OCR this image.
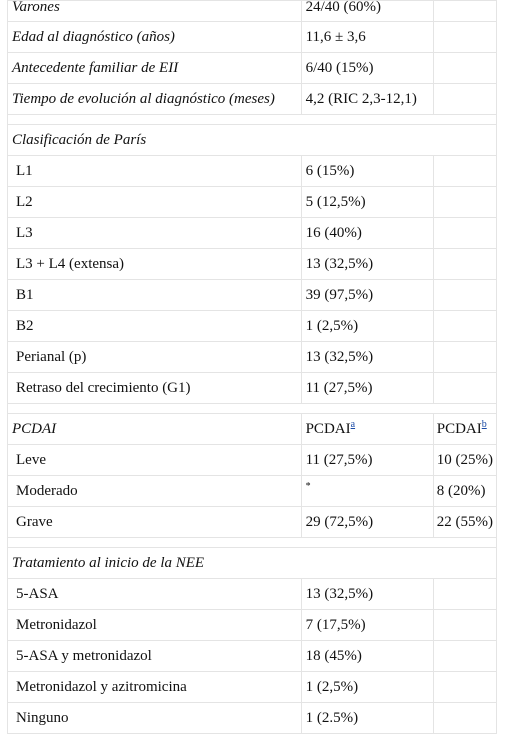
Varones	24/40 (60%)	
Edad al diagnóstico (años)	11,6 ± 3,6	
Antecedente familiar de EII	6/40 (15%)	
Tiempo de evolución al diagnóstico (meses)	4,2 (RIC 2,3-12,1)	

Clasificación de París		
L1	6 (15%)	
L2	5 (12,5%)	
L3	16 (40%)	
L3 + L4 (extensa)	13 (32,5%)	
B1	39 (97,5%)	
B2	1 (2,5%)	
Perianal (p)	13 (32,5%)	
Retraso del crecimiento (G1)	11 (27,5%)	

PCDAI	PCDAI$^a$	PCDAI$^b$
Leve	11 (27,5%)	10 (25%)
Moderado	*	8 (20%)
Grave	29 (72,5%)	22 (55%)

Tratamiento al inicio de la NEE		
5-ASA	13 (32,5%)	
Metronidazol	7 (17,5%)	
5-ASA y metronidazol	18 (45%)	
Metronidazol y azitromicina	1 (2,5%)	
Ninguno	1 (2.5%)	
